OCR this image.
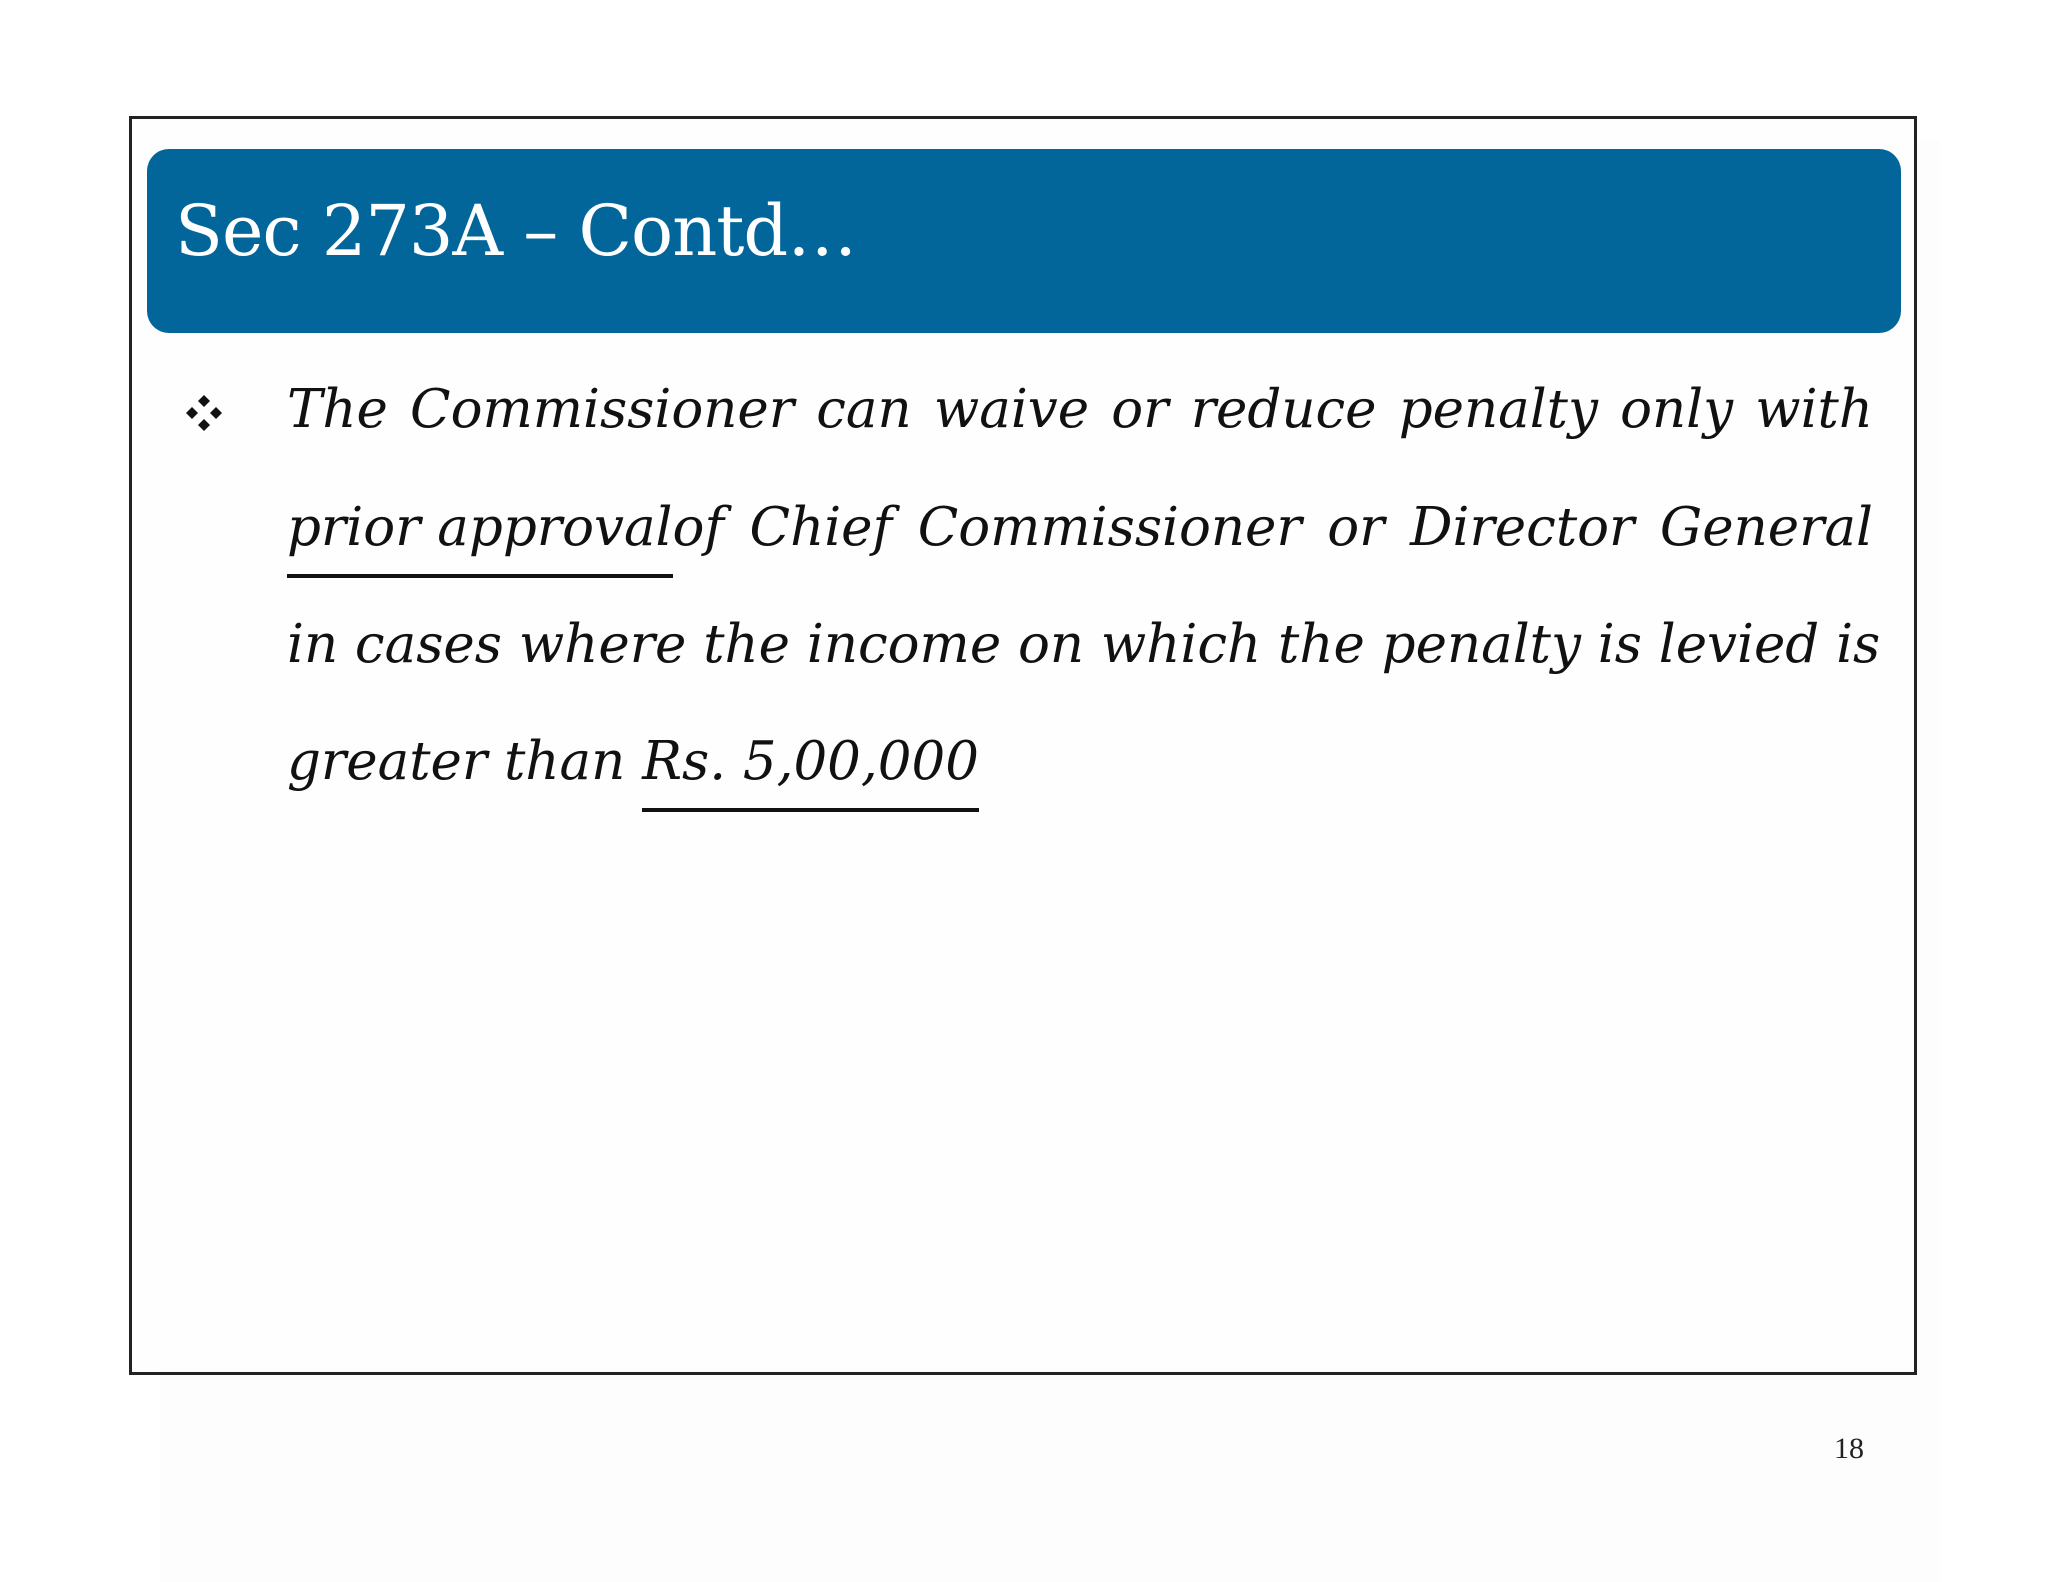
Sec 273A – Contd…
The Commissioner can waive or reduce penalty only with
prior approvalof Chief Commissioner or Director General
in cases where the income on which the penalty is levied is
greater than Rs. 5,00,000
18
